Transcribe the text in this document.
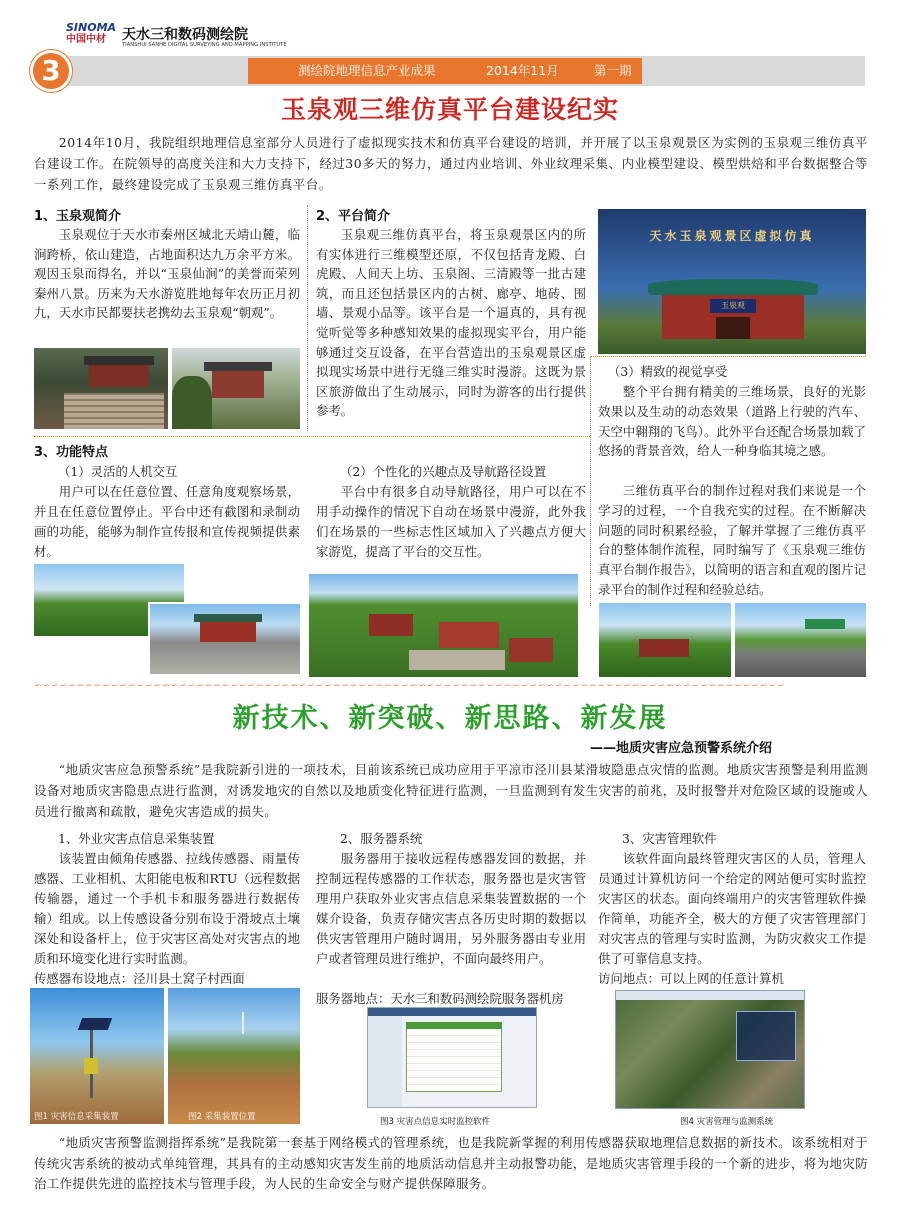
SINOMA
中国中材	天水三和数码测绘院
TIANSHUI SANHE DIGITAL SURVEYING AND MAPPING INSTITUTE
测绘院地理信息产业成果	2014年11月	第一期
3
玉泉观三维仿真平台建设纪实
2014年10月，我院组织地理信息室部分人员进行了虚拟现实技术和仿真平台建设的培训，并开展了以玉泉观景区为实例的玉泉观三维仿真平台建设工作。在院领导的高度关注和大力支持下，经过30多天的努力，通过内业培训、外业纹理采集、内业模型建设、模型烘焙和平台数据整合等一系列工作，最终建设完成了玉泉观三维仿真平台。
1、玉泉观简介
玉泉观位于天水市秦州区城北天靖山麓，临涧跨桥，依山建造，占地面积达九万余平方米。观因玉泉而得名，并以“玉泉仙涧”的美誉而荣列秦州八景。历来为天水游览胜地每年农历正月初九，天水市民都要扶老携幼去玉泉观“朝观”。
2、平台简介
玉泉观三维仿真平台，将玉泉观景区内的所有实体进行三维模型还原，不仅包括青龙殿、白虎殿、人间天上坊、玉泉阁、三清殿等一批古建筑，而且还包括景区内的古树、廊亭、地砖、围墙、景观小品等。该平台是一个逼真的，具有视觉听觉等多种感知效果的虚拟现实平台，用户能够通过交互设备，在平台营造出的玉泉观景区虚拟现实场景中进行无缝三维实时漫游。这既为景区旅游做出了生动展示，同时为游客的出行提供参考。
天水玉泉观景区虚拟仿真
玉泉观
（3）精致的视觉享受
整个平台拥有精美的三维场景，良好的光影效果以及生动的动态效果（道路上行驶的汽车、天空中翱翔的飞鸟）。此外平台还配合场景加载了悠扬的背景音效，给人一种身临其境之感。
三维仿真平台的制作过程对我们来说是一个学习的过程，一个自我充实的过程。在不断解决问题的同时积累经验，了解并掌握了三维仿真平台的整体制作流程，同时编写了《玉泉观三维仿真平台制作报告》，以简明的语言和直观的图片记录平台的制作过程和经验总结。
3、功能特点
（1）灵活的人机交互
用户可以在任意位置、任意角度观察场景，并且在任意位置停止。平台中还有截图和录制动画的功能，能够为制作宣传报和宣传视频提供素材。
（2）个性化的兴趣点及导航路径设置
平台中有很多自动导航路径，用户可以在不用手动操作的情况下自动在场景中漫游，此外我们在场景的一些标志性区域加入了兴趣点方便大家游览，提高了平台的交互性。
∽∽∽∽∽∽∽∽∽∽∽∽∽∽∽∽∽∽∽∽∽∽∽∽∽∽∽∽∽∽∽∽∽∽∽∽∽∽∽∽∽∽∽∽∽∽∽∽∽∽∽∽∽∽∽∽∽∽∽∽∽∽∽∽∽∽∽∽∽∽∽∽∽∽∽∽∽∽∽∽∽∽∽∽∽∽∽∽
新技术、新突破、新思路、新发展
——地质灾害应急预警系统介绍
“地质灾害应急预警系统”是我院新引进的一项技术，目前该系统已成功应用于平凉市泾川县某滑坡隐患点灾情的监测。地质灾害预警是利用监测设备对地质灾害隐患点进行监测，对诱发地灾的自然以及地质变化特征进行监测，一旦监测到有发生灾害的前兆，及时报警并对危险区域的设施或人员进行撤离和疏散，避免灾害造成的损失。
1、外业灾害点信息采集装置
该装置由倾角传感器、拉线传感器、雨量传感器、工业相机、太阳能电板和RTU（远程数据传输器，通过一个手机卡和服务器进行数据传输）组成。以上传感设备分别布设于滑坡点土壤深处和设备杆上，位于灾害区高处对灾害点的地质和环境变化进行实时监测。
传感器布设地点：泾川县土窝子村西面
2、服务器系统
服务器用于接收远程传感器发回的数据，并控制远程传感器的工作状态，服务器也是灾害管理用户获取外业灾害点信息采集装置数据的一个媒介设备，负责存储灾害点各历史时期的数据以供灾害管理用户随时调用，另外服务器由专业用户或者管理员进行维护，不面向最终用户。
服务器地点：天水三和数码测绘院服务器机房
3、灾害管理软件
该软件面向最终管理灾害区的人员，管理人员通过计算机访问一个给定的网站便可实时监控灾害区的状态。面向终端用户的灾害管理软件操作简单，功能齐全，极大的方便了灾害管理部门对灾害点的管理与实时监测，为防灾救灾工作提供了可靠信息支持。
访问地点：可以上网的任意计算机
图1 灾害信息采集装置	图2 采集装置位置	图3 灾害点信息实时监控软件	图4 灾害管理与监测系统
“地质灾害预警监测指挥系统”是我院第一套基于网络模式的管理系统，也是我院新掌握的利用传感器获取地理信息数据的新技术。该系统相对于传统灾害系统的被动式单纯管理，其具有的主动感知灾害发生前的地质活动信息并主动报警功能，是地质灾害管理手段的一个新的进步，将为地灾防治工作提供先进的监控技术与管理手段，为人民的生命安全与财产提供保障服务。
